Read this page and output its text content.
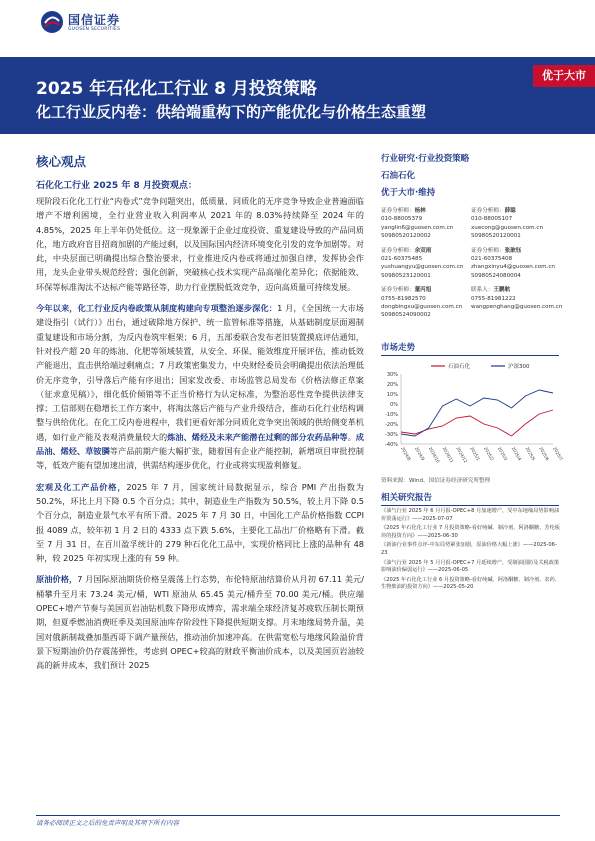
国信证券
GUOSEN SECURITIES
2025 年石化化工行业 8 月投资策略
化工行业反内卷：供给端重构下的产能优化与价格生态重塑
优于大市
核心观点
石化化工行业 2025 年 8 月投资观点：

现阶段石化化工行业“内卷式”竞争问题突出，低质量、同质化的无序竞争导致企业普遍面临增产不增利困境，全行业营业收入利润率从 2021 年的 8.03%持续降至 2024 年的 4.85%，2025 年上半年仍处低位。这一现象源于企业过度投资、重复建设导致的产品同质化，地方政府盲目招商加剧的产能过剩，以及国际国内经济环境变化引发的竞争加剧等。对此，中央层面已明确提出综合整治要求，行业推进反内卷或将通过加强自律，发挥协会作用，龙头企业带头规范经营；强化创新，突破核心技术实现产品高端化差异化；依据能效、环保等标准淘汰不达标产能等路径等，助力行业摆脱低效竞争，迈向高质量可持续发展。

今年以来，化工行业反内卷政策从制度构建向专项整治逐步深化：1 月，《全国统一大市场建设指引（试行）》出台，通过破除地方保护、统一监管标准等措施，从基础制度层面遏制重复建设和市场分割，为反内卷筑牢框架；6 月，五部委联合发布老旧装置摸底评估通知，针对投产超 20 年的炼油、化肥等领域装置，从安全、环保、能效维度开展评估，推动低效产能退出，直击供给端过剩痛点；7 月政策密集发力，中央财经委员会明确提出依法治理低价无序竞争，引导落后产能有序退出；国家发改委、市场监管总局发布《价格法修正草案（征求意见稿）》，细化低价倾销等不正当价格行为认定标准，为整治恶性竞争提供法律支撑；工信部则在稳增长工作方案中，将淘汰落后产能与产业升级结合，推动石化行业结构调整与供给优化。在化工反内卷进程中，我们更看好部分同质化竞争突出领域的供给侧变革机遇，如行业产能及表观消费量较大的炼油、烯烃及未来产能潜在过剩的部分农药品种等。成品油、烯烃、草铵膦等产品前期产能大幅扩张，随着国有企业产能控制，新增项目审批控制等，低效产能有望加速出清，供需结构逐步优化，行业或将实现盈利修复。

宏观及化工产品价格，2025 年 7 月，国家统计局数据显示，综合 PMI 产出指数为 50.2%，环比上月下降 0.5 个百分点；其中，制造业生产指数为 50.5%，较上月下降 0.5 个百分点，制造业景气水平有所下滑。2025 年 7 月 30 日，中国化工产品价格指数 CCPI 报 4089 点，较年初 1 月 2 日的 4333 点下跌 5.6%，主要化工品出厂价格略有下滑。截至 7 月 31 日，在百川盈孚统计的 279 种石化化工品中，实现价格同比上涨的品种有 48 种，较 2025 年初实现上涨的有 59 种。

原油价格，7 月国际原油期货价格呈震荡上行态势，布伦特原油结算价从月初 67.11 美元/桶攀升至月末 73.24 美元/桶，WTI 原油从 65.45 美元/桶升至 70.00 美元/桶。供应端 OPEC+增产节奏与美国页岩油钻机数下降形成博弈，需求端全球经济复苏疲软压制长期预期，但夏季燃油消费旺季及美国原油库存阶段性下降提供短期支撑。月末地缘局势升温，美国对俄新制裁叠加墨西哥下调产量预估，推动油价加速冲高。在供需宽松与地缘风险溢价背景下短期油价仍存震荡弹性，考虑到 OPEC+较高的财政平衡油价成本，以及美国页岩油较高的新井成本，我们预计 2025

行业研究·行业投资策略
石油石化
优于大市·维持
证券分析师：杨林
010-88005379
yanglin6@guosen.com.cn
S0980520120002
证券分析师：薛聪
010-88005107
xuecong@guosen.com.cn
S0980520120001
证券分析师：余双雨
021-60375485
yushuangyu@guosen.com.cn
S0980523120001
证券分析师：张歆钰
021-60375408
zhangxinyu4@guosen.com.cn
S0980524080004
证券分析师：董丙旭
0755-81982570
dongbingxu@guosen.com.cn
S0980524090002
联系人：王鹏航
0755-81981222
wangpenghang@guosen.com.cn
市场走势
30%
20%
10%
0%
-10%
-20%
-30%
-40%
2024/8 2024/9 2024/10 2024/11 2024/12 2025/1 2025/2 2025/3 2025/4 2025/5 2025/6 2025/7
石油石化	沪深300
资料来源：Wind、国信证券经济研究所整理
相关研究报告
《油气行业 2025 年 6 月月报-OPEC+8 月加速增产，受中东地缘局势影响油价震荡运行》——2025-07-07
《2025 年石化化工行业 7 月投资策略-看好纯碱、制冷剂、阿洛酮糖、芳纶板块的投资方向》——2025-06-30
《新油行业事件点评-中东局势紧张加剧，原油价格大幅上涨》——2025-06-23
《油气行业 2025 年 5 月月报-OPEC+7 月延续增产，受制油国防及关税政策影响油价偏弱运行》——2025-06-05
《2025 年石化化工行业 6 月投资策略-看好纯碱、阿洛酮糖、制冷剂、农药、生物柴油的投资方向》——2025-05-20
请务必阅读正文之后的免责声明及其项下所有内容
